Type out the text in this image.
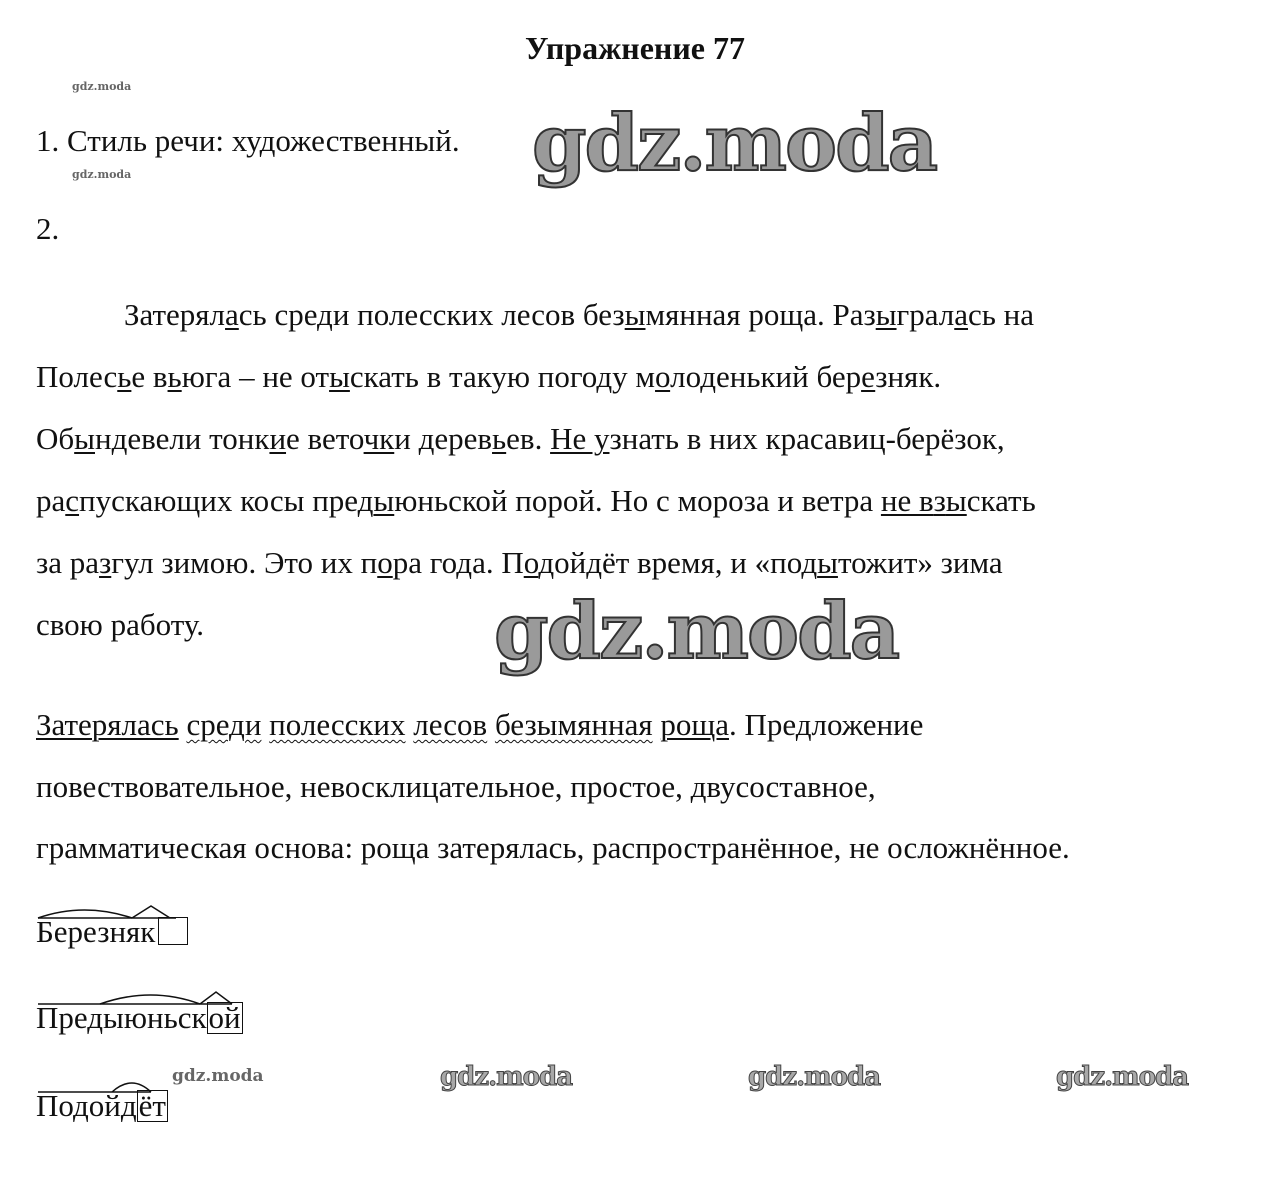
Упражнение 77
gdz.moda
gdz.moda
1. Стиль речи: художественный. gdz.moda
2.
Затерялась среди полесских лесов безымянная роща. Разыгралась на
Полесье вьюга – не отыскать в такую погоду молоденький березняк.
Обындевели тонкие веточки деревьев. Не узнать в них красавиц-берёзок,
распускающих косы предыюньской порой. Но с мороза и ветра не взыскать
за разгул зимою. Это их пора года. Подойдёт время, и «подытожит» зима
свою работу.	gdz.moda
Затерялась среди полесских лесов безымянная роща. Предложение
повествовательное, невосклицательное, простое, двусоставное,
грамматическая основа: роща затерялась, распространённое, не осложнённое.
Березняк
Предыюньской
Подойдёт
gdz.moda	gdz.moda	gdz.moda	gdz.moda
